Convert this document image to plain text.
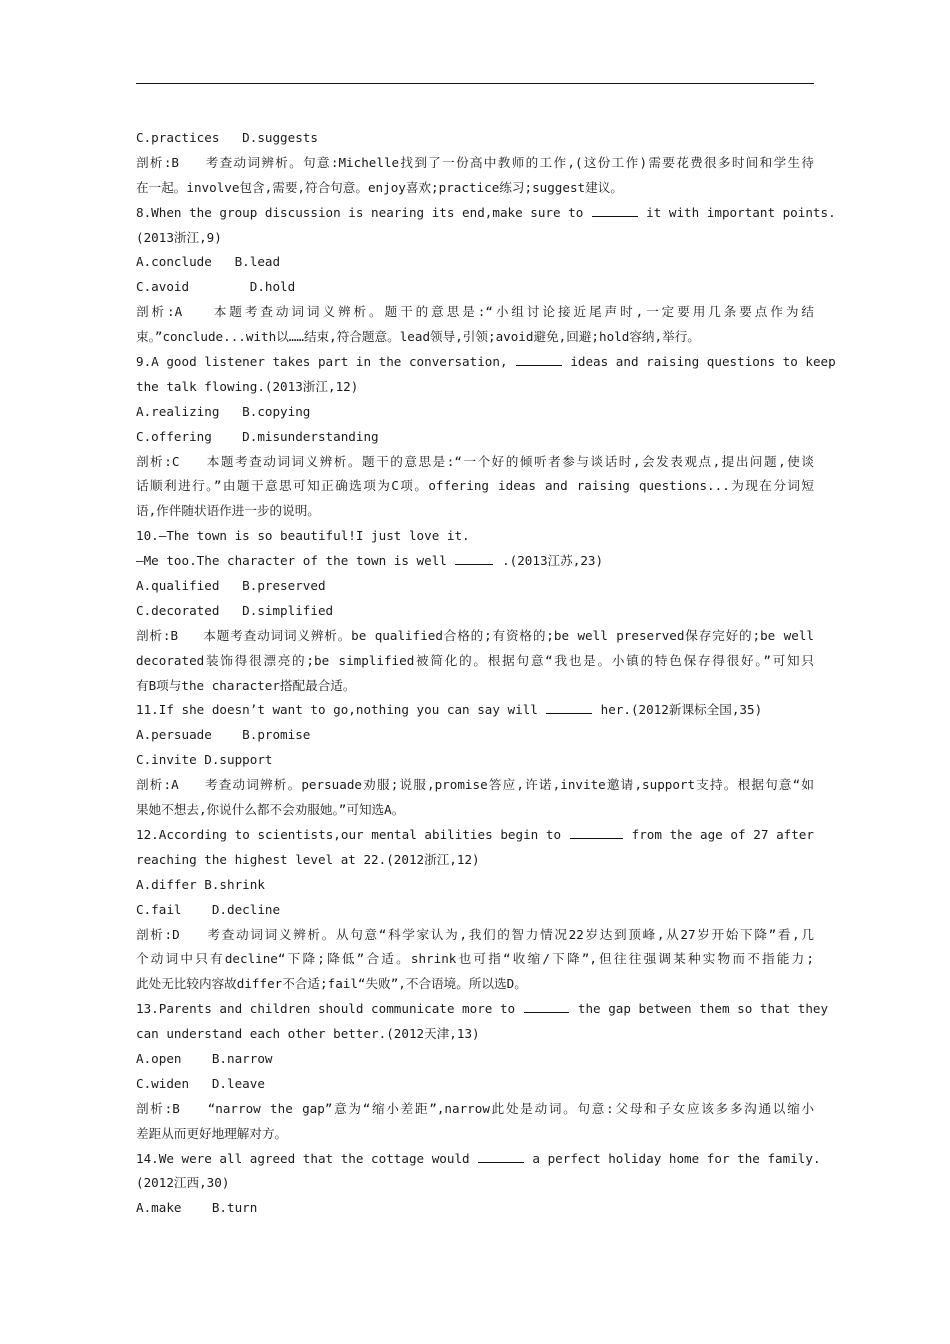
C.practices   D.suggests
剖析:B   考查动词辨析。句意:Michelle找到了一份高中教师的工作,(这份工作)需要花费很多时间和学生待
在一起。involve包含,需要,符合句意。enjoy喜欢;practice练习;suggest建议。
8.When the group discussion is nearing its end,make sure to	it with important points.
(2013浙江,9)
A.conclude   B.lead
C.avoid        D.hold
剖析:A   本题考查动词词义辨析。题干的意思是:“小组讨论接近尾声时,一定要用几条要点作为结
束。”conclude...with以……结束,符合题意。lead领导,引领;avoid避免,回避;hold容纳,举行。
9.A good listener takes part in the conversation,	ideas and raising questions to keep
the talk flowing.(2013浙江,12)
A.realizing   B.copying
C.offering    D.misunderstanding
剖析:C   本题考查动词词义辨析。题干的意思是:“一个好的倾听者参与谈话时,会发表观点,提出问题,使谈
话顺利进行。”由题干意思可知正确选项为C项。offering ideas and raising questions...为现在分词短
语,作伴随状语作进一步的说明。
10.—The town is so beautiful!I just love it.
—Me too.The character of the town is well	.(2013江苏,23)
A.qualified   B.preserved
C.decorated   D.simplified
剖析:B   本题考查动词词义辨析。be qualified合格的;有资格的;be well preserved保存完好的;be well
decorated装饰得很漂亮的;be simplified被简化的。根据句意“我也是。小镇的特色保存得很好。”可知只
有B项与the character搭配最合适。
11.If she doesn’t want to go,nothing you can say will	her.(2012新课标全国,35)
A.persuade    B.promise
C.invite D.support
剖析:A   考查动词辨析。persuade劝服;说服,promise答应,许诺,invite邀请,support支持。根据句意“如
果她不想去,你说什么都不会劝服她。”可知选A。
12.According to scientists,our mental abilities begin to	from the age of 27 after
reaching the highest level at 22.(2012浙江,12)
A.differ B.shrink
C.fail    D.decline
剖析:D   考查动词词义辨析。从句意“科学家认为,我们的智力情况22岁达到顶峰,从27岁开始下降”看,几
个动词中只有decline“下降;降低”合适。shrink也可指“收缩/下降”,但往往强调某种实物而不指能力;
此处无比较内容故differ不合适;fail“失败”,不合语境。所以选D。
13.Parents and children should communicate more to	the gap between them so that they
can understand each other better.(2012天津,13)
A.open    B.narrow
C.widen   D.leave
剖析:B   “narrow the gap”意为“缩小差距”,narrow此处是动词。句意:父母和子女应该多多沟通以缩小
差距从而更好地理解对方。
14.We were all agreed that the cottage would	a perfect holiday home for the family.
(2012江西,30)
A.make    B.turn
